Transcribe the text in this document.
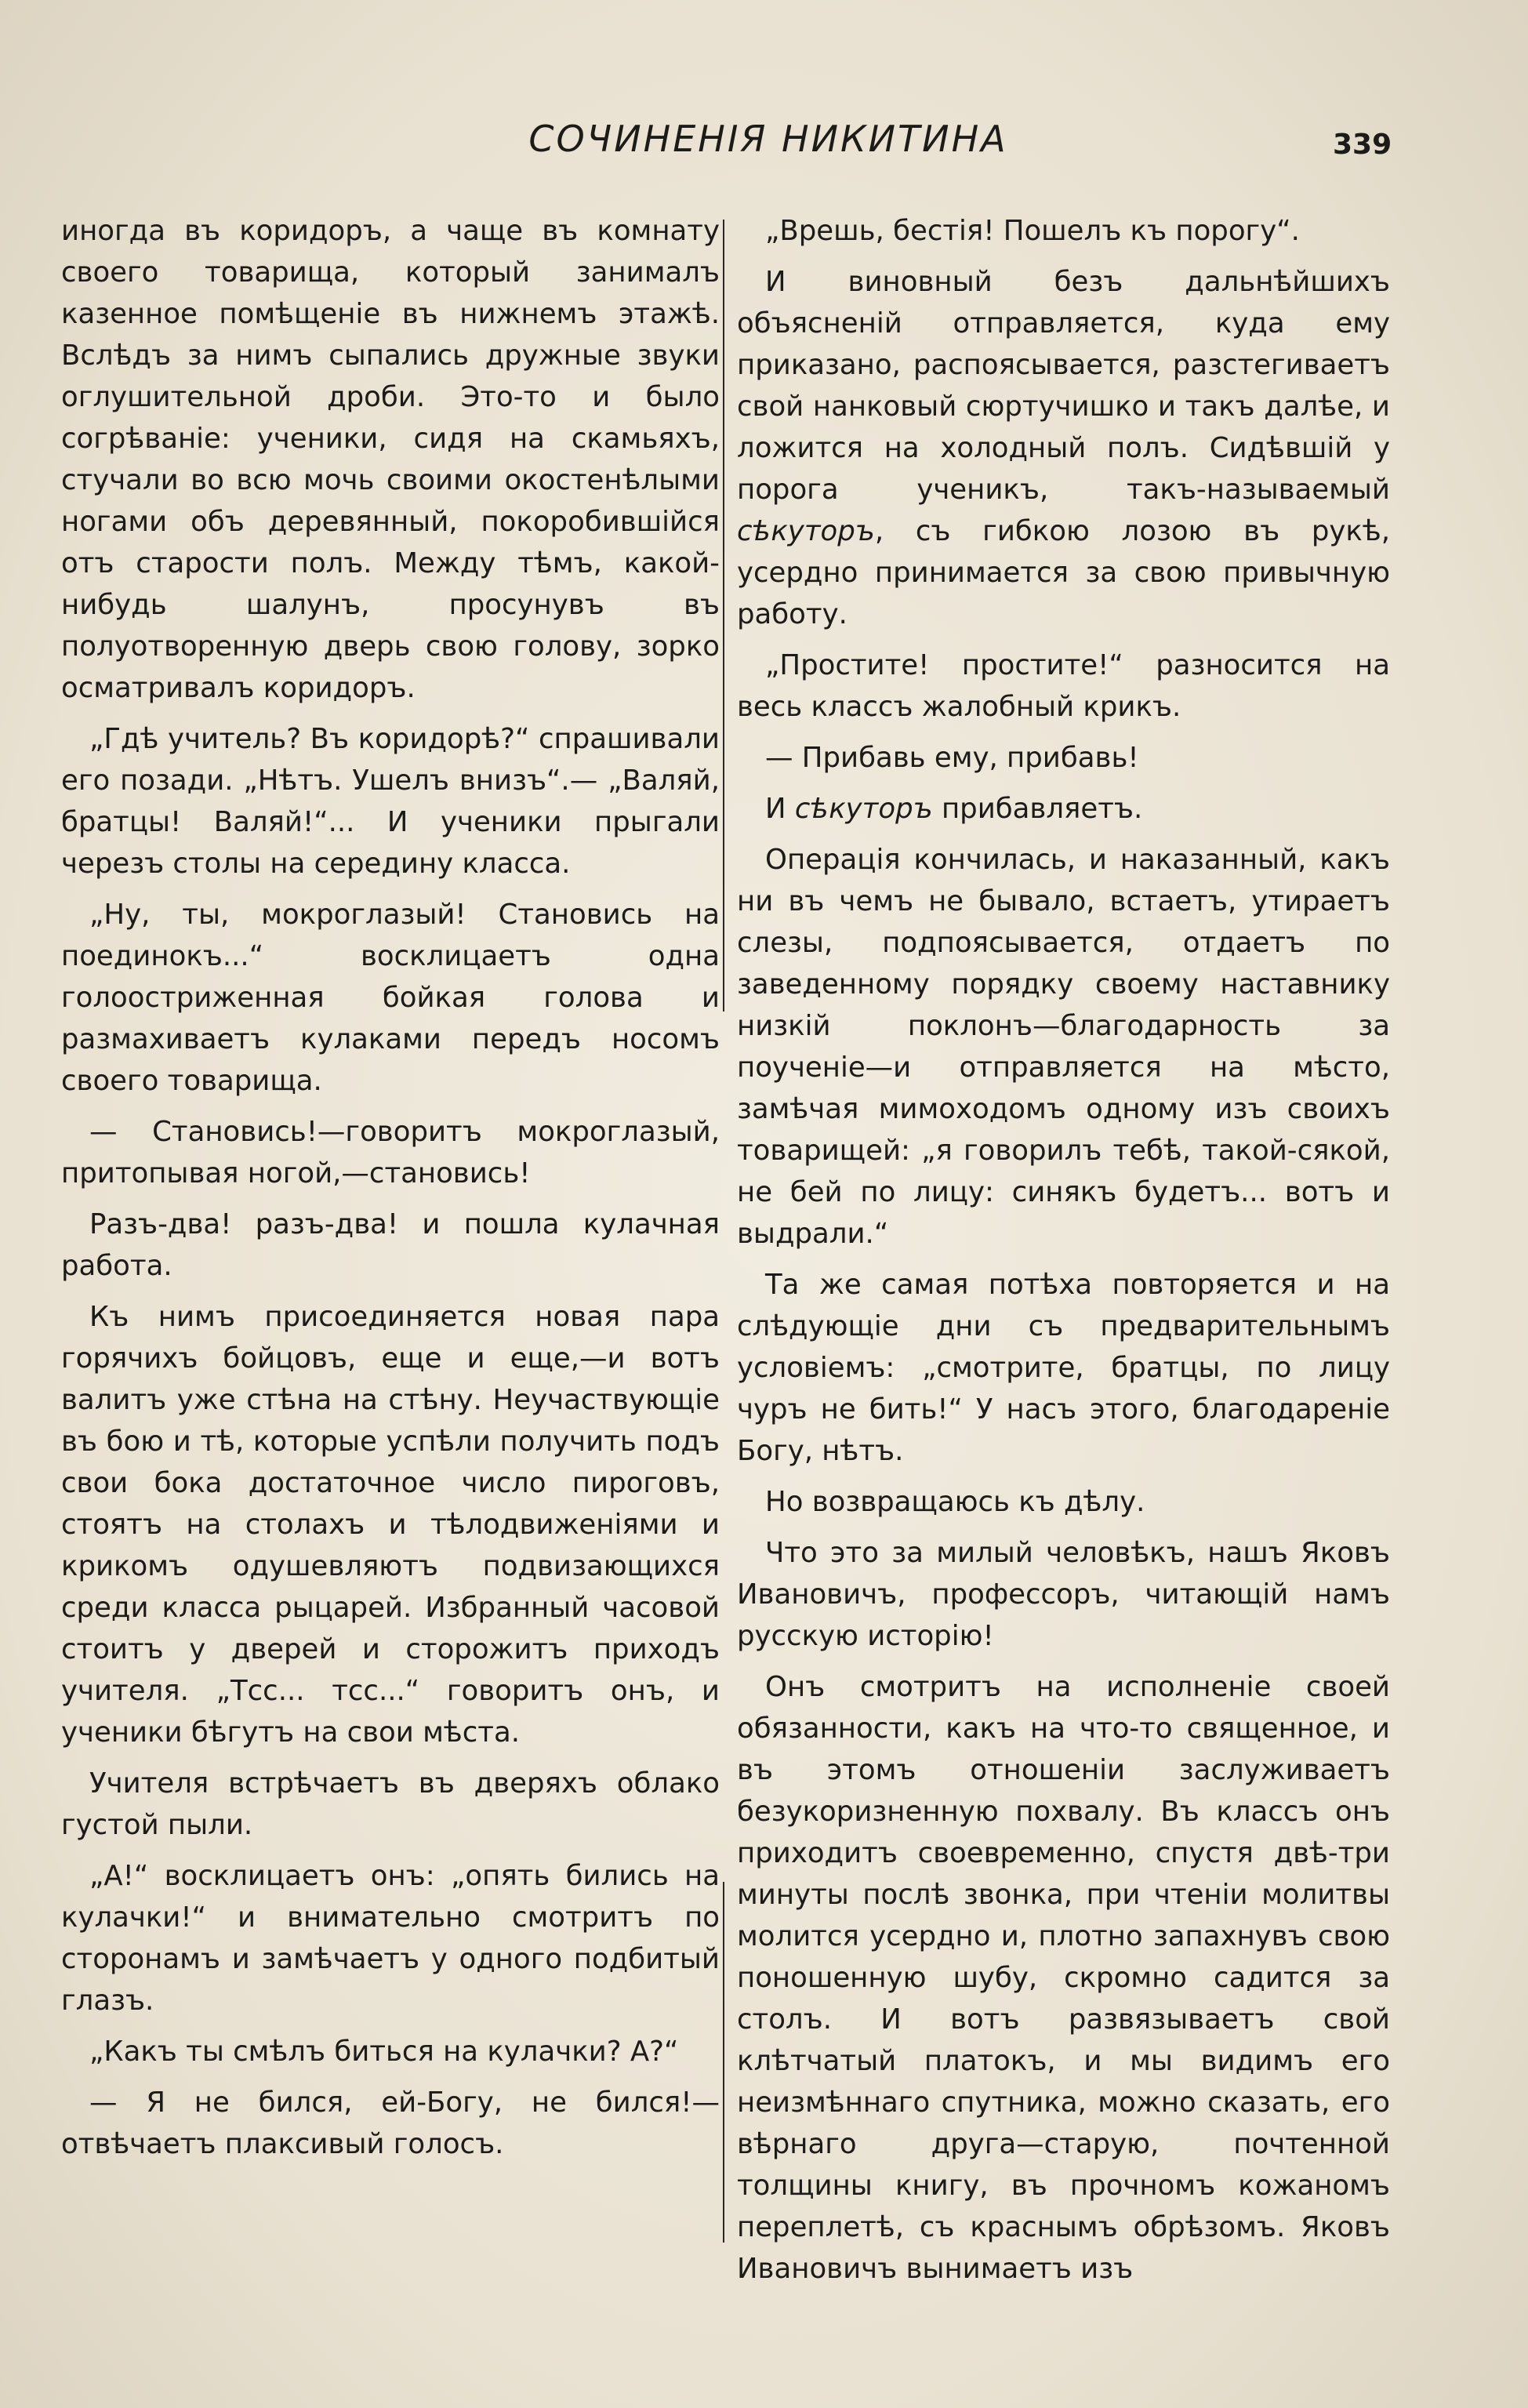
СОЧИНЕНІЯ НИКИТИНА	339

иногда въ коридоръ, а чаще въ комнату своего товарища, который занималъ казенное помѣщеніе въ нижнемъ этажѣ. Вслѣдъ за нимъ сыпались дружные звуки оглушительной дроби. Это-то и было согрѣваніе: ученики, сидя на скамьяхъ, стучали во всю мочь своими окостенѣлыми ногами объ деревянный, покоробившійся отъ старости полъ. Между тѣмъ, какой-нибудь шалунъ, просунувъ въ полуотворенную дверь свою голову, зорко осматривалъ коридоръ.

„Гдѣ учитель? Въ коридорѣ?“ спрашивали его позади. „Нѣтъ. Ушелъ внизъ“.— „Валяй, братцы! Валяй!“... И ученики прыгали черезъ столы на середину класса.

„Ну, ты, мокроглазый! Становись на поединокъ...“ восклицаетъ одна голоостриженная бойкая голова и размахиваетъ кулаками передъ носомъ своего товарища.

— Становись!—говоритъ мокроглазый, притопывая ногой,—становись!

Разъ-два! разъ-два! и пошла кулачная работа.

Къ нимъ присоединяется новая пара горячихъ бойцовъ, еще и еще,—и вотъ валитъ уже стѣна на стѣну. Неучаствующіе въ бою и тѣ, которые успѣли получить подъ свои бока достаточное число пироговъ, стоятъ на столахъ и тѣлодвиженіями и крикомъ одушевляютъ подвизающихся среди класса рыцарей. Избранный часовой стоитъ у дверей и сторожитъ приходъ учителя. „Тсс... тсс...“ говоритъ онъ, и ученики бѣгутъ на свои мѣста.

Учителя встрѣчаетъ въ дверяхъ облако густой пыли.

„А!“ восклицаетъ онъ: „опять бились на кулачки!“ и внимательно смотритъ по сторонамъ и замѣчаетъ у одного подбитый глазъ.

„Какъ ты смѣлъ биться на кулачки? А?“

— Я не бился, ей-Богу, не бился!—отвѣчаетъ плаксивый голосъ.

„Врешь, бестія! Пошелъ къ порогу“.

И виновный безъ дальнѣйшихъ объясненій отправляется, куда ему приказано, распоясывается, разстегиваетъ свой нанковый сюртучишко и такъ далѣе, и ложится на холодный полъ. Сидѣвшій у порога ученикъ, такъ-называемый сѣкуторъ, съ гибкою лозою въ рукѣ, усердно принимается за свою привычную работу.

„Простите! простите!“ разносится на весь классъ жалобный крикъ.

— Прибавь ему, прибавь!

И сѣкуторъ прибавляетъ.

Операція кончилась, и наказанный, какъ ни въ чемъ не бывало, встаетъ, утираетъ слезы, подпоясывается, отдаетъ по заведенному порядку своему наставнику низкій поклонъ—благодарность за поученіе—и отправляется на мѣсто, замѣчая мимоходомъ одному изъ своихъ товарищей: „я говорилъ тебѣ, такой-сякой, не бей по лицу: синякъ будетъ... вотъ и выдрали.“

Та же самая потѣха повторяется и на слѣдующіе дни съ предварительнымъ условіемъ: „смотрите, братцы, по лицу чуръ не бить!“ У насъ этого, благодареніе Богу, нѣтъ.

Но возвращаюсь къ дѣлу.

Что это за милый человѣкъ, нашъ Яковъ Ивановичъ, профессоръ, читающій намъ русскую исторію!

Онъ смотритъ на исполненіе своей обязанности, какъ на что-то священное, и въ этомъ отношеніи заслуживаетъ безукоризненную похвалу. Въ классъ онъ приходитъ своевременно, спустя двѣ-три минуты послѣ звонка, при чтеніи молитвы молится усердно и, плотно запахнувъ свою поношенную шубу, скромно садится за столъ. И вотъ развязываетъ свой клѣтчатый платокъ, и мы видимъ его неизмѣннаго спутника, можно сказать, его вѣрнаго друга—старую, почтенной толщины книгу, въ прочномъ кожаномъ переплетѣ, съ краснымъ обрѣзомъ. Яковъ Ивановичъ вынимаетъ изъ
